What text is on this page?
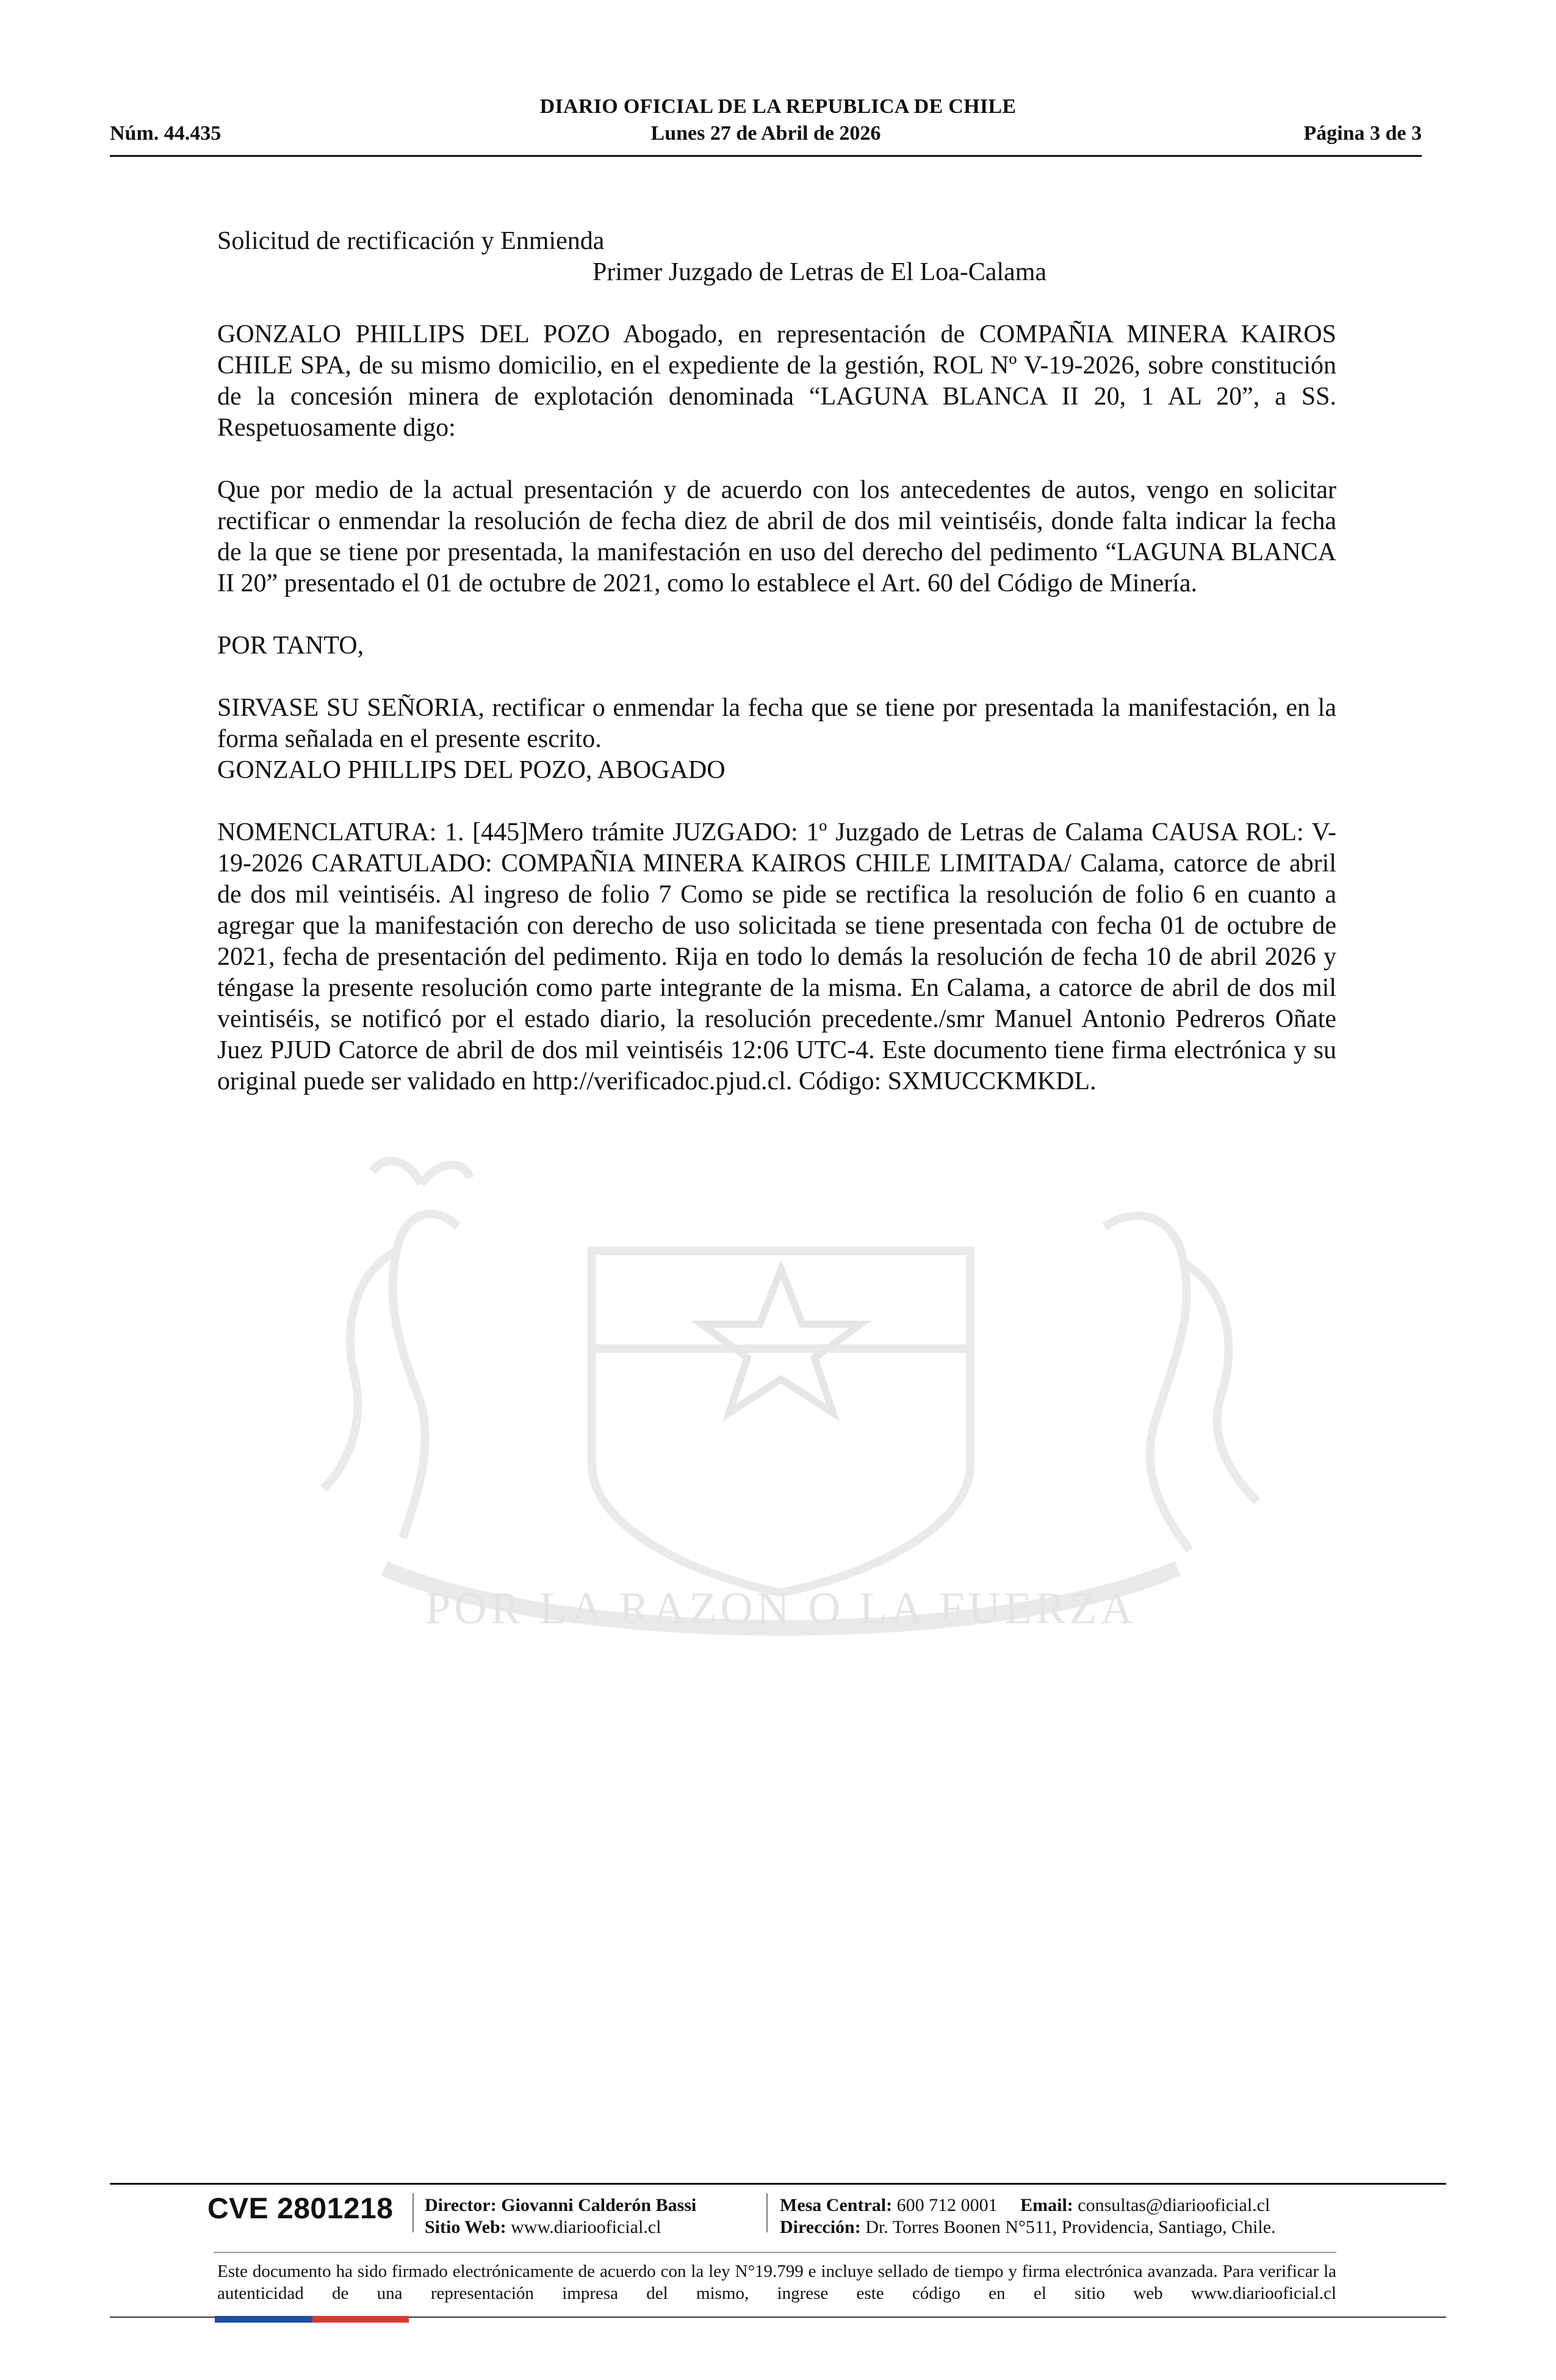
POR LA RAZON O LA FUERZA
DIARIO OFICIAL DE LA REPUBLICA DE CHILE
Lunes 27 de Abril de 2026
Núm. 44.435	Página 3 de 3

Solicitud de rectificación y Enmienda

Primer Juzgado de Letras de El Loa-Calama

GONZALO PHILLIPS DEL POZO Abogado, en representación de COMPAÑIA MINERA KAIROS CHILE SPA, de su mismo domicilio, en el expediente de la gestión, ROL Nº V-19-2026, sobre constitución de la concesión minera de explotación denominada “LAGUNA BLANCA II 20, 1 AL 20”, a SS. Respetuosamente digo:

Que por medio de la actual presentación y de acuerdo con los antecedentes de autos, vengo en solicitar rectificar o enmendar la resolución de fecha diez de abril de dos mil veintiséis, donde falta indicar la fecha de la que se tiene por presentada, la manifestación en uso del derecho del pedimento “LAGUNA BLANCA II 20” presentado el 01 de octubre de 2021, como lo establece el Art. 60 del Código de Minería.

POR TANTO,

SIRVASE SU SEÑORIA, rectificar o enmendar la fecha que se tiene por presentada la manifestación, en la forma señalada en el presente escrito.

GONZALO PHILLIPS DEL POZO, ABOGADO

NOMENCLATURA: 1. [445]Mero trámite JUZGADO: 1º Juzgado de Letras de Calama CAUSA ROL: V-19-2026 CARATULADO: COMPAÑIA MINERA KAIROS CHILE LIMITADA/ Calama, catorce de abril de dos mil veintiséis. Al ingreso de folio 7 Como se pide se rectifica la resolución de folio 6 en cuanto a agregar que la manifestación con derecho de uso solicitada se tiene presentada con fecha 01 de octubre de 2021, fecha de presentación del pedimento. Rija en todo lo demás la resolución de fecha 10 de abril 2026 y téngase la presente resolución como parte integrante de la misma. En Calama, a catorce de abril de dos mil veintiséis, se notificó por el estado diario, la resolución precedente./smr Manuel Antonio Pedreros Oñate Juez PJUD Catorce de abril de dos mil veintiséis 12:06 UTC-4. Este documento tiene firma electrónica y su original puede ser validado en http://verificadoc.pjud.cl. Código: SXMUCCKMKDL.

CVE 2801218 Director: Giovanni Calderón Bassi
Sitio Web: www.diariooficial.cl
Mesa Central: 600 712 0001 Email: consultas@diariooficial.cl
Dirección: Dr. Torres Boonen N°511, Providencia, Santiago, Chile.
Este documento ha sido firmado electrónicamente de acuerdo con la ley N°19.799 e incluye sellado de tiempo y firma electrónica avanzada. Para verificar la autenticidad de una representación impresa del mismo, ingrese este código en el sitio web www.diariooficial.cl
